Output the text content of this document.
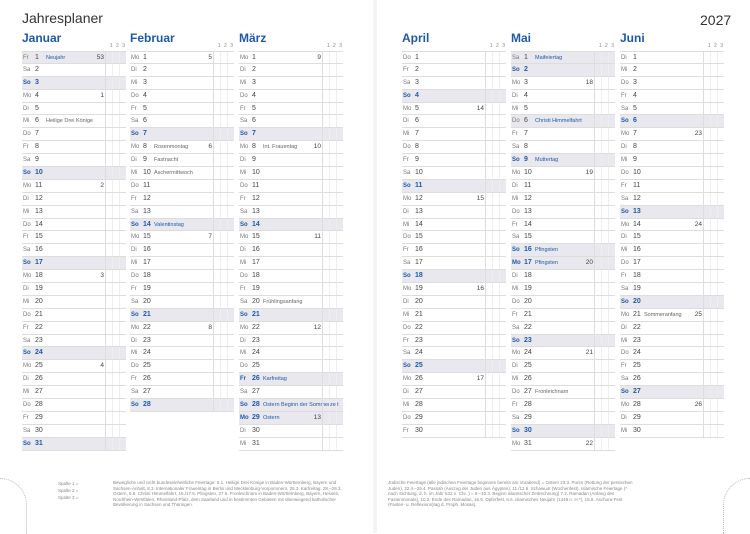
Jahresplaner	2027
Januar
1 2 3
Fr 1 Neujahr	53
Sa 2
So 3
Mo 4	1
Di 5
Mi 6 Heilige Drei Könige
Do 7
Fr 8
Sa 9
So 10
Mo 11	2
Di 12
Mi 13
Do 14
Fr 15
Sa 16
So 17
Mo 18	3
Di 19
Mi 20
Do 21
Fr 22
Sa 23
So 24
Mo 25	4
Di 26
Mi 27
Do 28
Fr 29
Sa 30
So 31
Februar
1 2 3
Mo 1	5
Di 2
Mi 3
Do 4
Fr 5
Sa 6
So 7
Mo 8 Rosenmontag	6
Di 9 Fastnacht
Mi 10 Aschermittwoch
Do 11
Fr 12
Sa 13
So 14 Valentinstag
Mo 15	7
Di 16
Mi 17
Do 18
Fr 19
Sa 20
So 21
Mo 22	8
Di 23
Mi 24
Do 25
Fr 26
Sa 27
So 28
März
1 2 3
Mo 1	9
Di 2
Mi 3
Do 4
Fr 5
Sa 6
So 7
Mo 8 Int. Frauentag	10
Di 9
Mi 10
Do 11
Fr 12
Sa 13
So 14
Mo 15	11
Di 16
Mi 17
Do 18
Fr 19
Sa 20 Frühlingsanfang
So 21
Mo 22	12
Di 23
Mi 24
Do 25
Fr 26 Karfreitag
Sa 27
So 28 Ostern Beginn der Sommerzeit
Mo 29 Ostern	13
Di 30
Mi 31
April
1 2 3
Do 1
Fr 2
Sa 3
So 4
Mo 5	14
Di 6
Mi 7
Do 8
Fr 9
Sa 10
So 11
Mo 12	15
Di 13
Mi 14
Do 15
Fr 16
Sa 17
So 18
Mo 19	16
Di 20
Mi 21
Do 22
Fr 23
Sa 24
So 25
Mo 26	17
Di 27
Mi 28
Do 29
Fr 30
Mai
1 2 3
Sa 1 Maifeiertag
So 2
Mo 3	18
Di 4
Mi 5
Do 6 Christi Himmelfahrt
Fr 7
Sa 8
So 9 Muttertag
Mo 10	19
Di 11
Mi 12
Do 13
Fr 14
Sa 15
So 16 Pfingsten
Mo 17 Pfingsten	20
Di 18
Mi 19
Do 20
Fr 21
Sa 22
So 23
Mo 24	21
Di 25
Mi 26
Do 27 Fronleichnam
Fr 28
Sa 29
So 30
Mo 31	22
Juni
1 2 3
Di 1
Mi 2
Do 3
Fr 4
Sa 5
So 6
Mo 7	23
Di 8
Mi 9
Do 10
Fr 11
Sa 12
So 13
Mo 14	24
Di 15
Mi 16
Do 17
Fr 18
Sa 19
So 20
Mo 21 Sommeranfang	25
Di 22
Mi 23
Do 24
Fr 25
Sa 26
So 27
Mo 28	26
Di 29
Mi 30
Spalte 1 =
Spalte 2 =
Spalte 3 =
Bewegliche und nicht bundeseinheitliche Feiertage: 6.1. Heilige Drei Könige in Baden-Württemberg, Bayern und Sachsen-Anhalt, 8.3. Internationaler Frauentag in Berlin und Mecklenburg-Vorpommern, 26.3. Karfreitag, 28.–29.3. Ostern, 6.5. Christi Himmelfahrt, 16./17.5. Pfingsten, 27.5. Fronleichnam in Baden-Württemberg, Bayern, Hessen, Nordrhein-Westfalen, Rheinland-Pfalz, dem Saarland und in bestimmten Gebieten mit überwiegend katholischer Bevölkerung in Sachsen und Thüringen.
Jüdische Feiertage (alle jüdischen Feiertage beginnen bereits am Vorabend) = Ostern 23.3. Purim (Rettung der persischen Juden), 22.4.–29.4. Passah (Auszug der Juden aus Ägypten), 11./12.6. Schawuot (Wochenfest). Islamische Feiertage (* nach Sichtung, d. h. im Jahr 632 n. Chr. ) = 9.–10.3. Beginn islamischer Zeitrechnung) 7.2. Ramadan (Anfang des Fastenmonats), 10.2. Ende des Ramadan, 16.5. Opferfest, 6.6. islamisches Neujahr (1448 n. H.*), 15.8. Aschura-Fest (Fasten- u. Reflexions)tag d. Proph. Mosas).
